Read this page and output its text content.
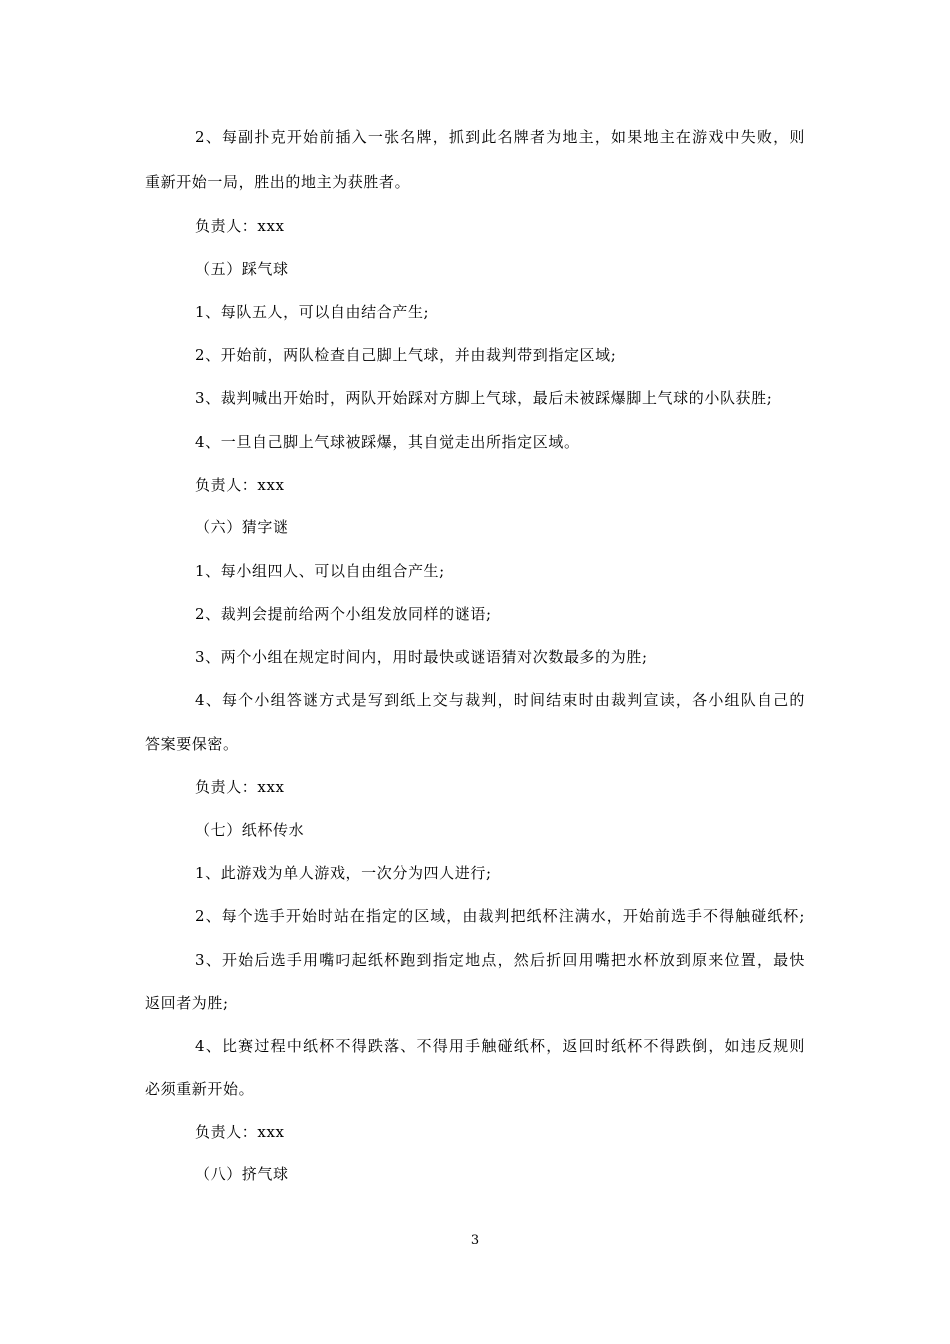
2、每副扑克开始前插入一张名牌，抓到此名牌者为地主，如果地主在游戏中失败，则
重新开始一局，胜出的地主为获胜者。
负责人：xxx
（五）踩气球
1、每队五人，可以自由结合产生;
2、开始前，两队检查自己脚上气球，并由裁判带到指定区域;
3、裁判喊出开始时，两队开始踩对方脚上气球，最后未被踩爆脚上气球的小队获胜;
4、一旦自己脚上气球被踩爆，其自觉走出所指定区域。
负责人：xxx
（六）猜字谜
1、每小组四人、可以自由组合产生;
2、裁判会提前给两个小组发放同样的谜语;
3、两个小组在规定时间内，用时最快或谜语猜对次数最多的为胜;
4、每个小组答谜方式是写到纸上交与裁判，时间结束时由裁判宣读，各小组队自己的
答案要保密。
负责人：xxx
（七）纸杯传水
1、此游戏为单人游戏，一次分为四人进行;
2、每个选手开始时站在指定的区域，由裁判把纸杯注满水，开始前选手不得触碰纸杯;
3、开始后选手用嘴叼起纸杯跑到指定地点，然后折回用嘴把水杯放到原来位置，最快
返回者为胜;
4、比赛过程中纸杯不得跌落、不得用手触碰纸杯，返回时纸杯不得跌倒，如违反规则
必须重新开始。
负责人：xxx
（八）挤气球
3
